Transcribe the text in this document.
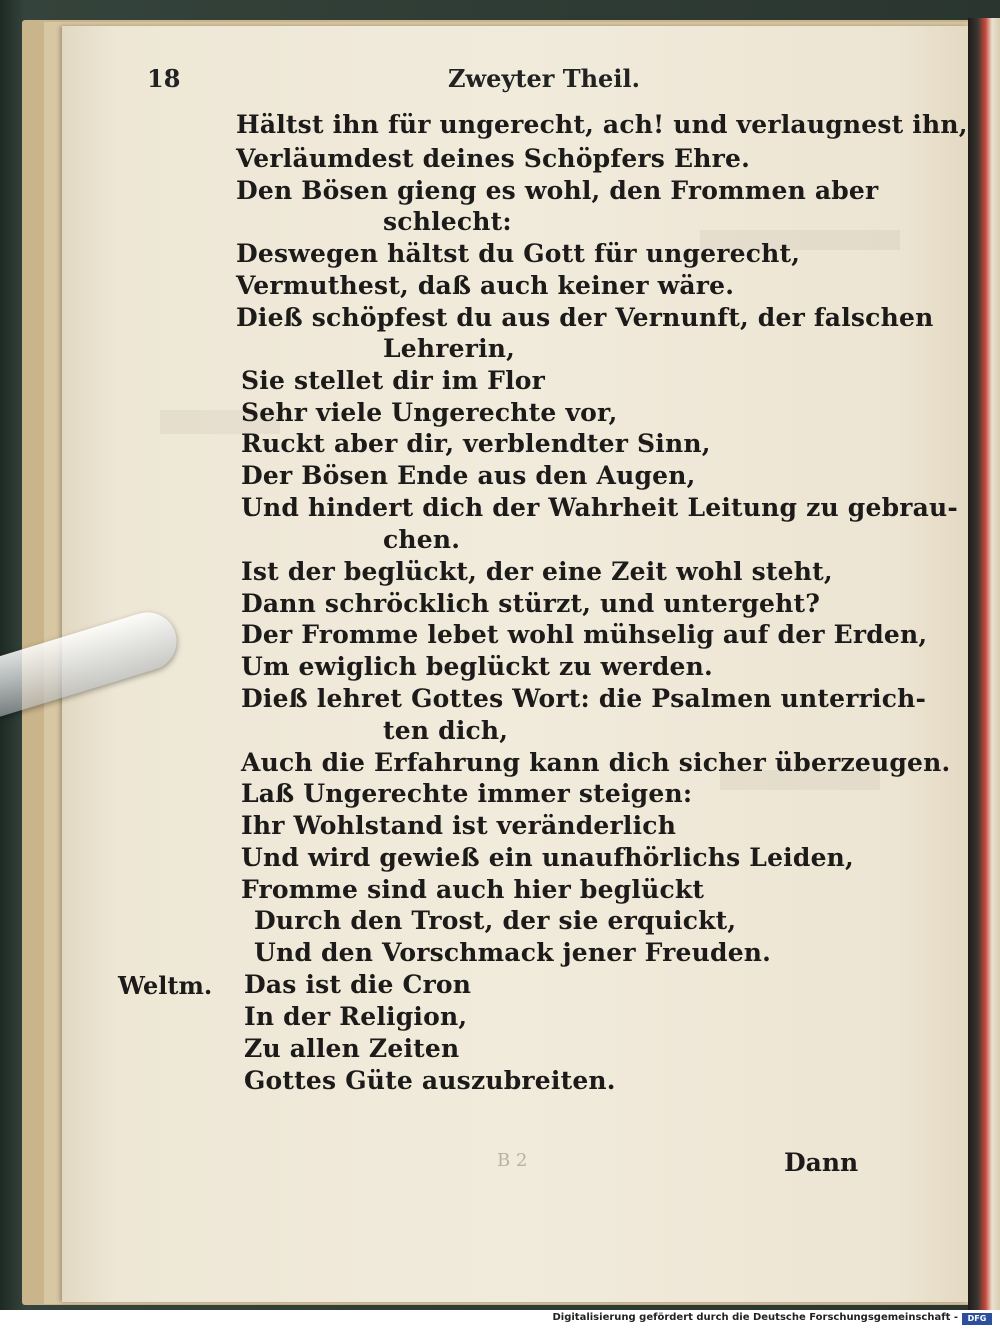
18	Zweyter Theil.
Hältst ihn für ungerecht, ach! und verlaugnest ihn,
Verläumdest deines Schöpfers Ehre.
Den Bösen gieng es wohl, den Frommen aber
schlecht:
Deswegen hältst du Gott für ungerecht,
Vermuthest, daß auch keiner wäre.
Dieß schöpfest du aus der Vernunft, der falschen
Lehrerin,
Sie stellet dir im Flor
Sehr viele Ungerechte vor,
Ruckt aber dir, verblendter Sinn,
Der Bösen Ende aus den Augen,
Und hindert dich der Wahrheit Leitung zu gebrau-
chen.
Ist der beglückt, der eine Zeit wohl steht,
Dann schröcklich stürzt, und untergeht?
Der Fromme lebet wohl mühselig auf der Erden,
Um ewiglich beglückt zu werden.
Dieß lehret Gottes Wort: die Psalmen unterrich-
ten dich,
Auch die Erfahrung kann dich sicher überzeugen.
Laß Ungerechte immer steigen:
Ihr Wohlstand ist veränderlich
Und wird gewieß ein unaufhörlichs Leiden,
Fromme sind auch hier beglückt
Durch den Trost, der sie erquickt,
Und den Vorschmack jener Freuden.
Weltm. Das ist die Cron
In der Religion,
Zu allen Zeiten
Gottes Güte auszubreiten.
B 2	Dann
Digitalisierung gefördert durch die Deutsche Forschungsgemeinschaft -	DFG
